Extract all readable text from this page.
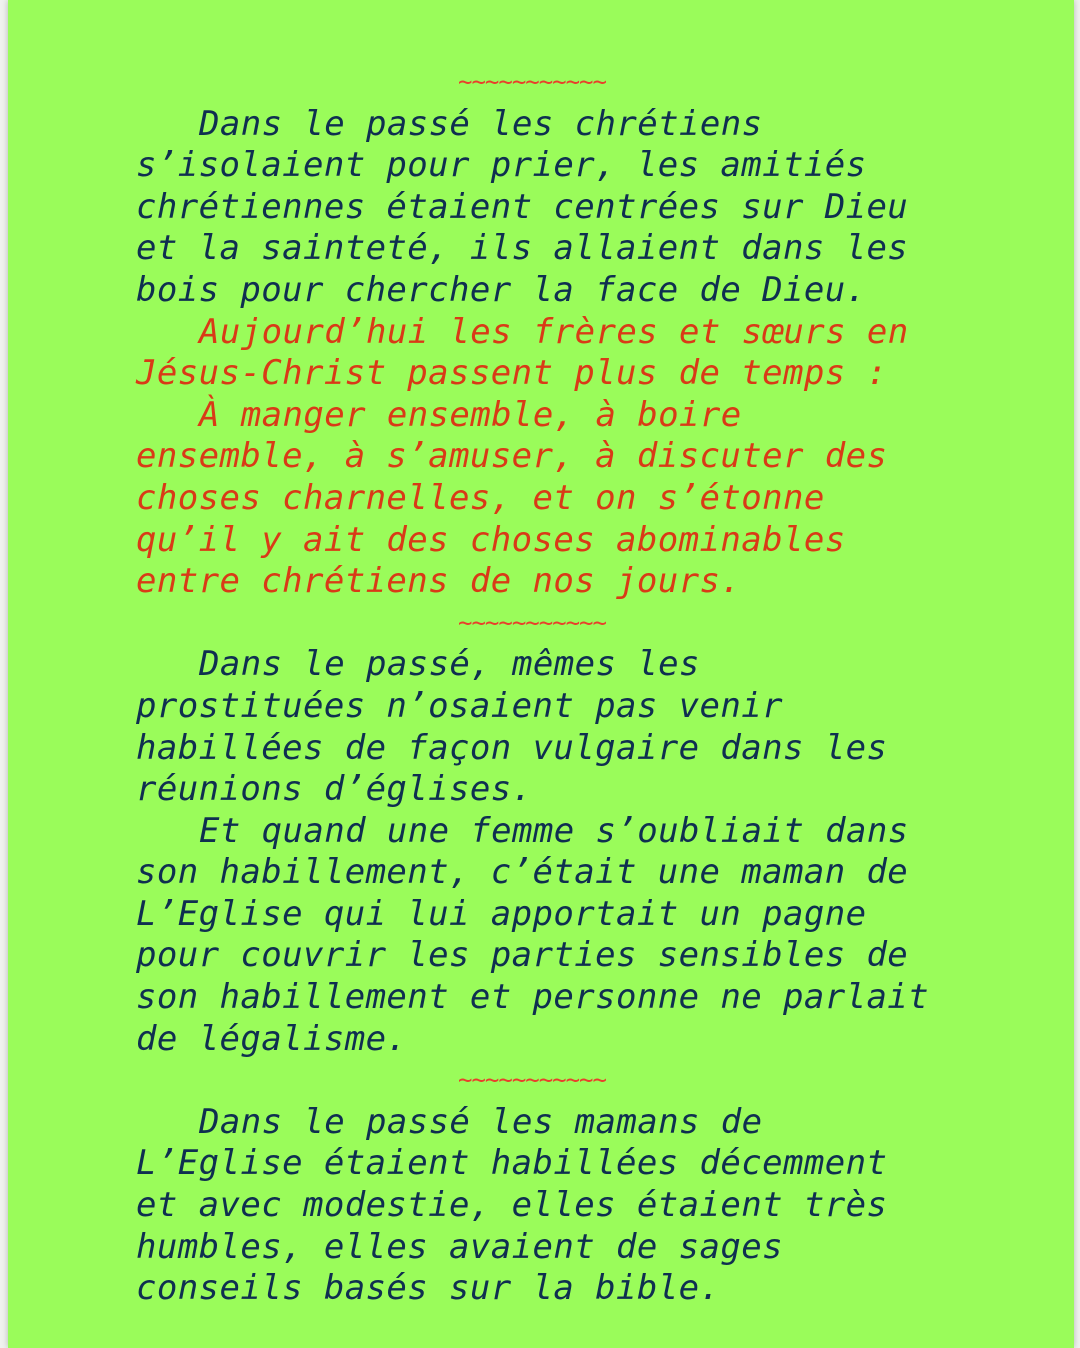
~~~~~~~~~~~
Dans le passé les chrétiens
s’isolaient pour prier, les amitiés
chrétiennes étaient centrées sur Dieu
et la sainteté, ils allaient dans les
bois pour chercher la face de Dieu.
Aujourd’hui les frères et sœurs en
Jésus-Christ passent plus de temps :
À manger ensemble, à boire
ensemble, à s’amuser, à discuter des
choses charnelles, et on s’étonne
qu’il y ait des choses abominables
entre chrétiens de nos jours.
~~~~~~~~~~~
Dans le passé, mêmes les
prostituées n’osaient pas venir
habillées de façon vulgaire dans les
réunions d’églises.
Et quand une femme s’oubliait dans
son habillement, c’était une maman de
L’Eglise qui lui apportait un pagne
pour couvrir les parties sensibles de
son habillement et personne ne parlait
de légalisme.
~~~~~~~~~~~
Dans le passé les mamans de
L’Eglise étaient habillées décemment
et avec modestie, elles étaient très
humbles, elles avaient de sages
conseils basés sur la bible.
